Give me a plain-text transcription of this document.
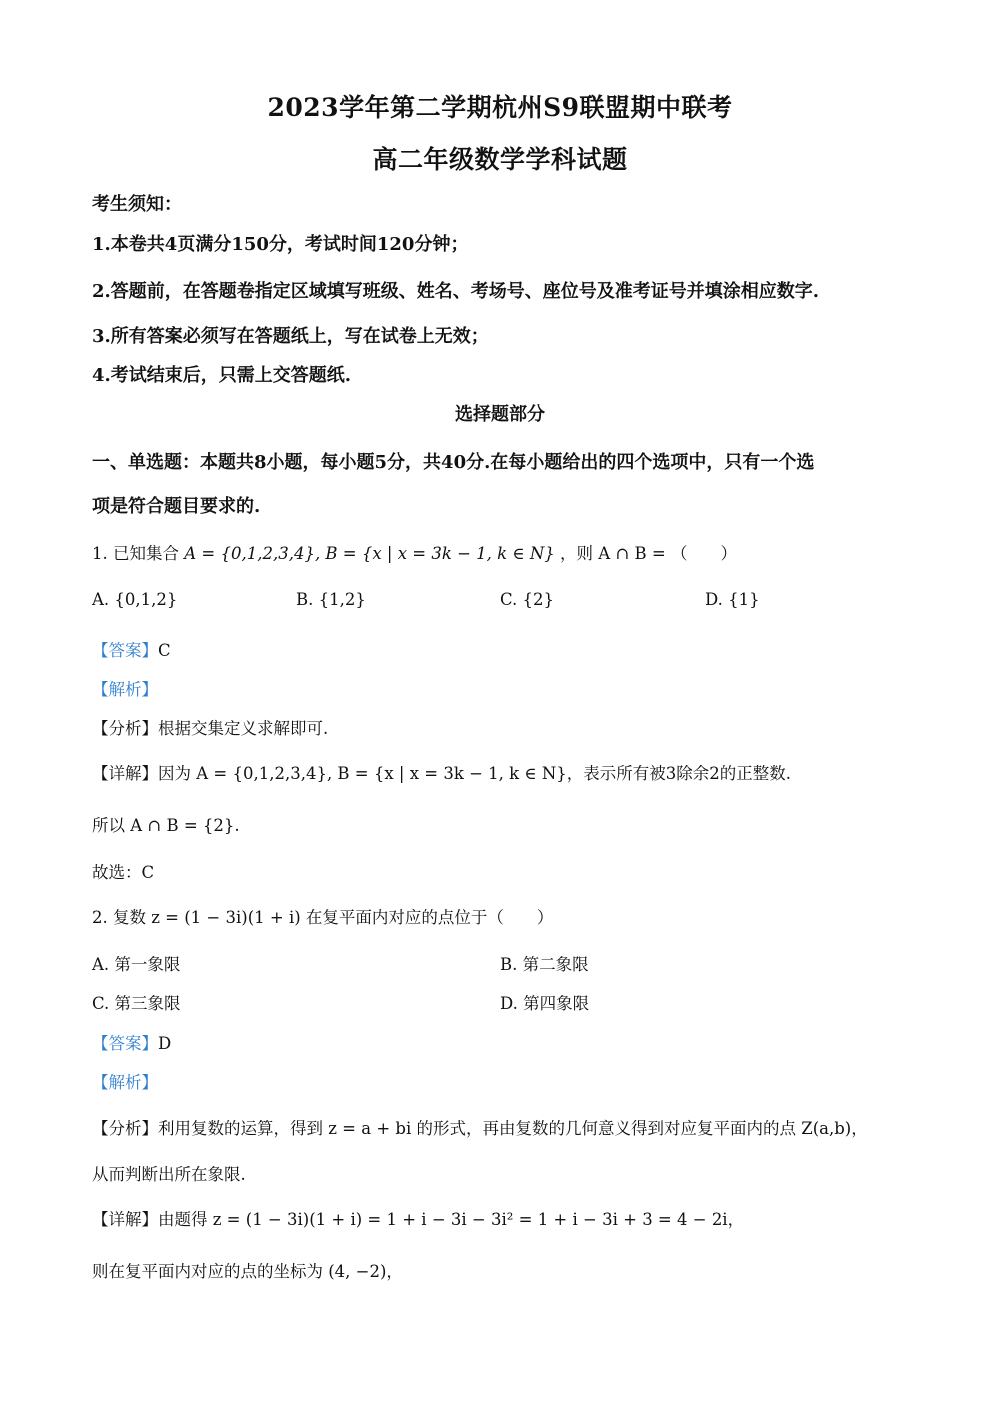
2023学年第二学期杭州S9联盟期中联考
高二年级数学学科试题
考生须知：
1.本卷共4页满分150分，考试时间120分钟；
2.答题前，在答题卷指定区域填写班级、姓名、考场号、座位号及准考证号并填涂相应数字.
3.所有答案必须写在答题纸上，写在试卷上无效；
4.考试结束后，只需上交答题纸.
选择题部分
一、单选题：本题共8小题，每小题5分，共40分.在每小题给出的四个选项中，只有一个选
项是符合题目要求的.
1. 已知集合 A = {0,1,2,3,4}, B = {x | x = 3k − 1, k ∈ N} ，则 A ∩ B = （　　）
A. {0,1,2}	B. {1,2}	C. {2}	D. {1}
【答案】C
【解析】
【分析】根据交集定义求解即可.
【详解】因为 A = {0,1,2,3,4}, B = {x | x = 3k − 1, k ∈ N}，表示所有被3除余2的正整数.
所以 A ∩ B = {2}.
故选：C
2. 复数 z = (1 − 3i)(1 + i) 在复平面内对应的点位于（　　）
A. 第一象限	B. 第二象限
C. 第三象限	D. 第四象限
【答案】D
【解析】
【分析】利用复数的运算，得到 z = a + bi 的形式，再由复数的几何意义得到对应复平面内的点 Z(a,b)，
从而判断出所在象限.
【详解】由题得 z = (1 − 3i)(1 + i) = 1 + i − 3i − 3i² = 1 + i − 3i + 3 = 4 − 2i，
则在复平面内对应的点的坐标为 (4, −2)，
